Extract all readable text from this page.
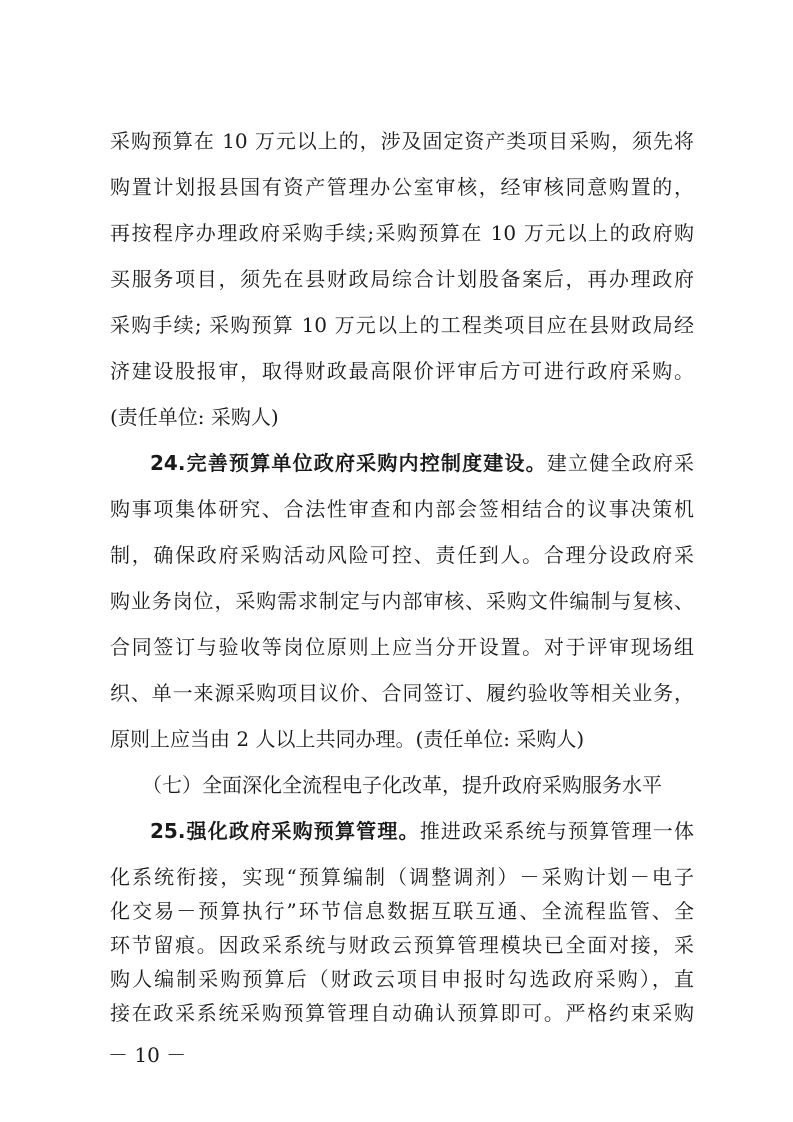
采购预算在 10 万元以上的，涉及固定资产类项目采购，须先将
购置计划报县国有资产管理办公室审核，经审核同意购置的，
再按程序办理政府采购手续;采购预算在 10 万元以上的政府购
买服务项目，须先在县财政局综合计划股备案后，再办理政府
采购手续; 采购预算 10 万元以上的工程类项目应在县财政局经
济建设股报审，取得财政最高限价评审后方可进行政府采购。
(责任单位: 采购人)
24.完善预算单位政府采购内控制度建设。建立健全政府采
购事项集体研究、合法性审查和内部会签相结合的议事决策机
制，确保政府采购活动风险可控、责任到人。合理分设政府采
购业务岗位，采购需求制定与内部审核、采购文件编制与复核、
合同签订与验收等岗位原则上应当分开设置。对于评审现场组
织、单一来源采购项目议价、合同签订、履约验收等相关业务，
原则上应当由 2 人以上共同办理。(责任单位: 采购人)
（七）全面深化全流程电子化改革，提升政府采购服务水平
25.强化政府采购预算管理。推进政采系统与预算管理一体
化系统衔接，实现“预算编制（调整调剂）－采购计划－电子
化交易－预算执行”环节信息数据互联互通、全流程监管、全
环节留痕。因政采系统与财政云预算管理模块已全面对接，采
购人编制采购预算后（财政云项目申报时勾选政府采购），直
－ 10 －
接在政采系统采购预算管理自动确认预算即可。严格约束采购
